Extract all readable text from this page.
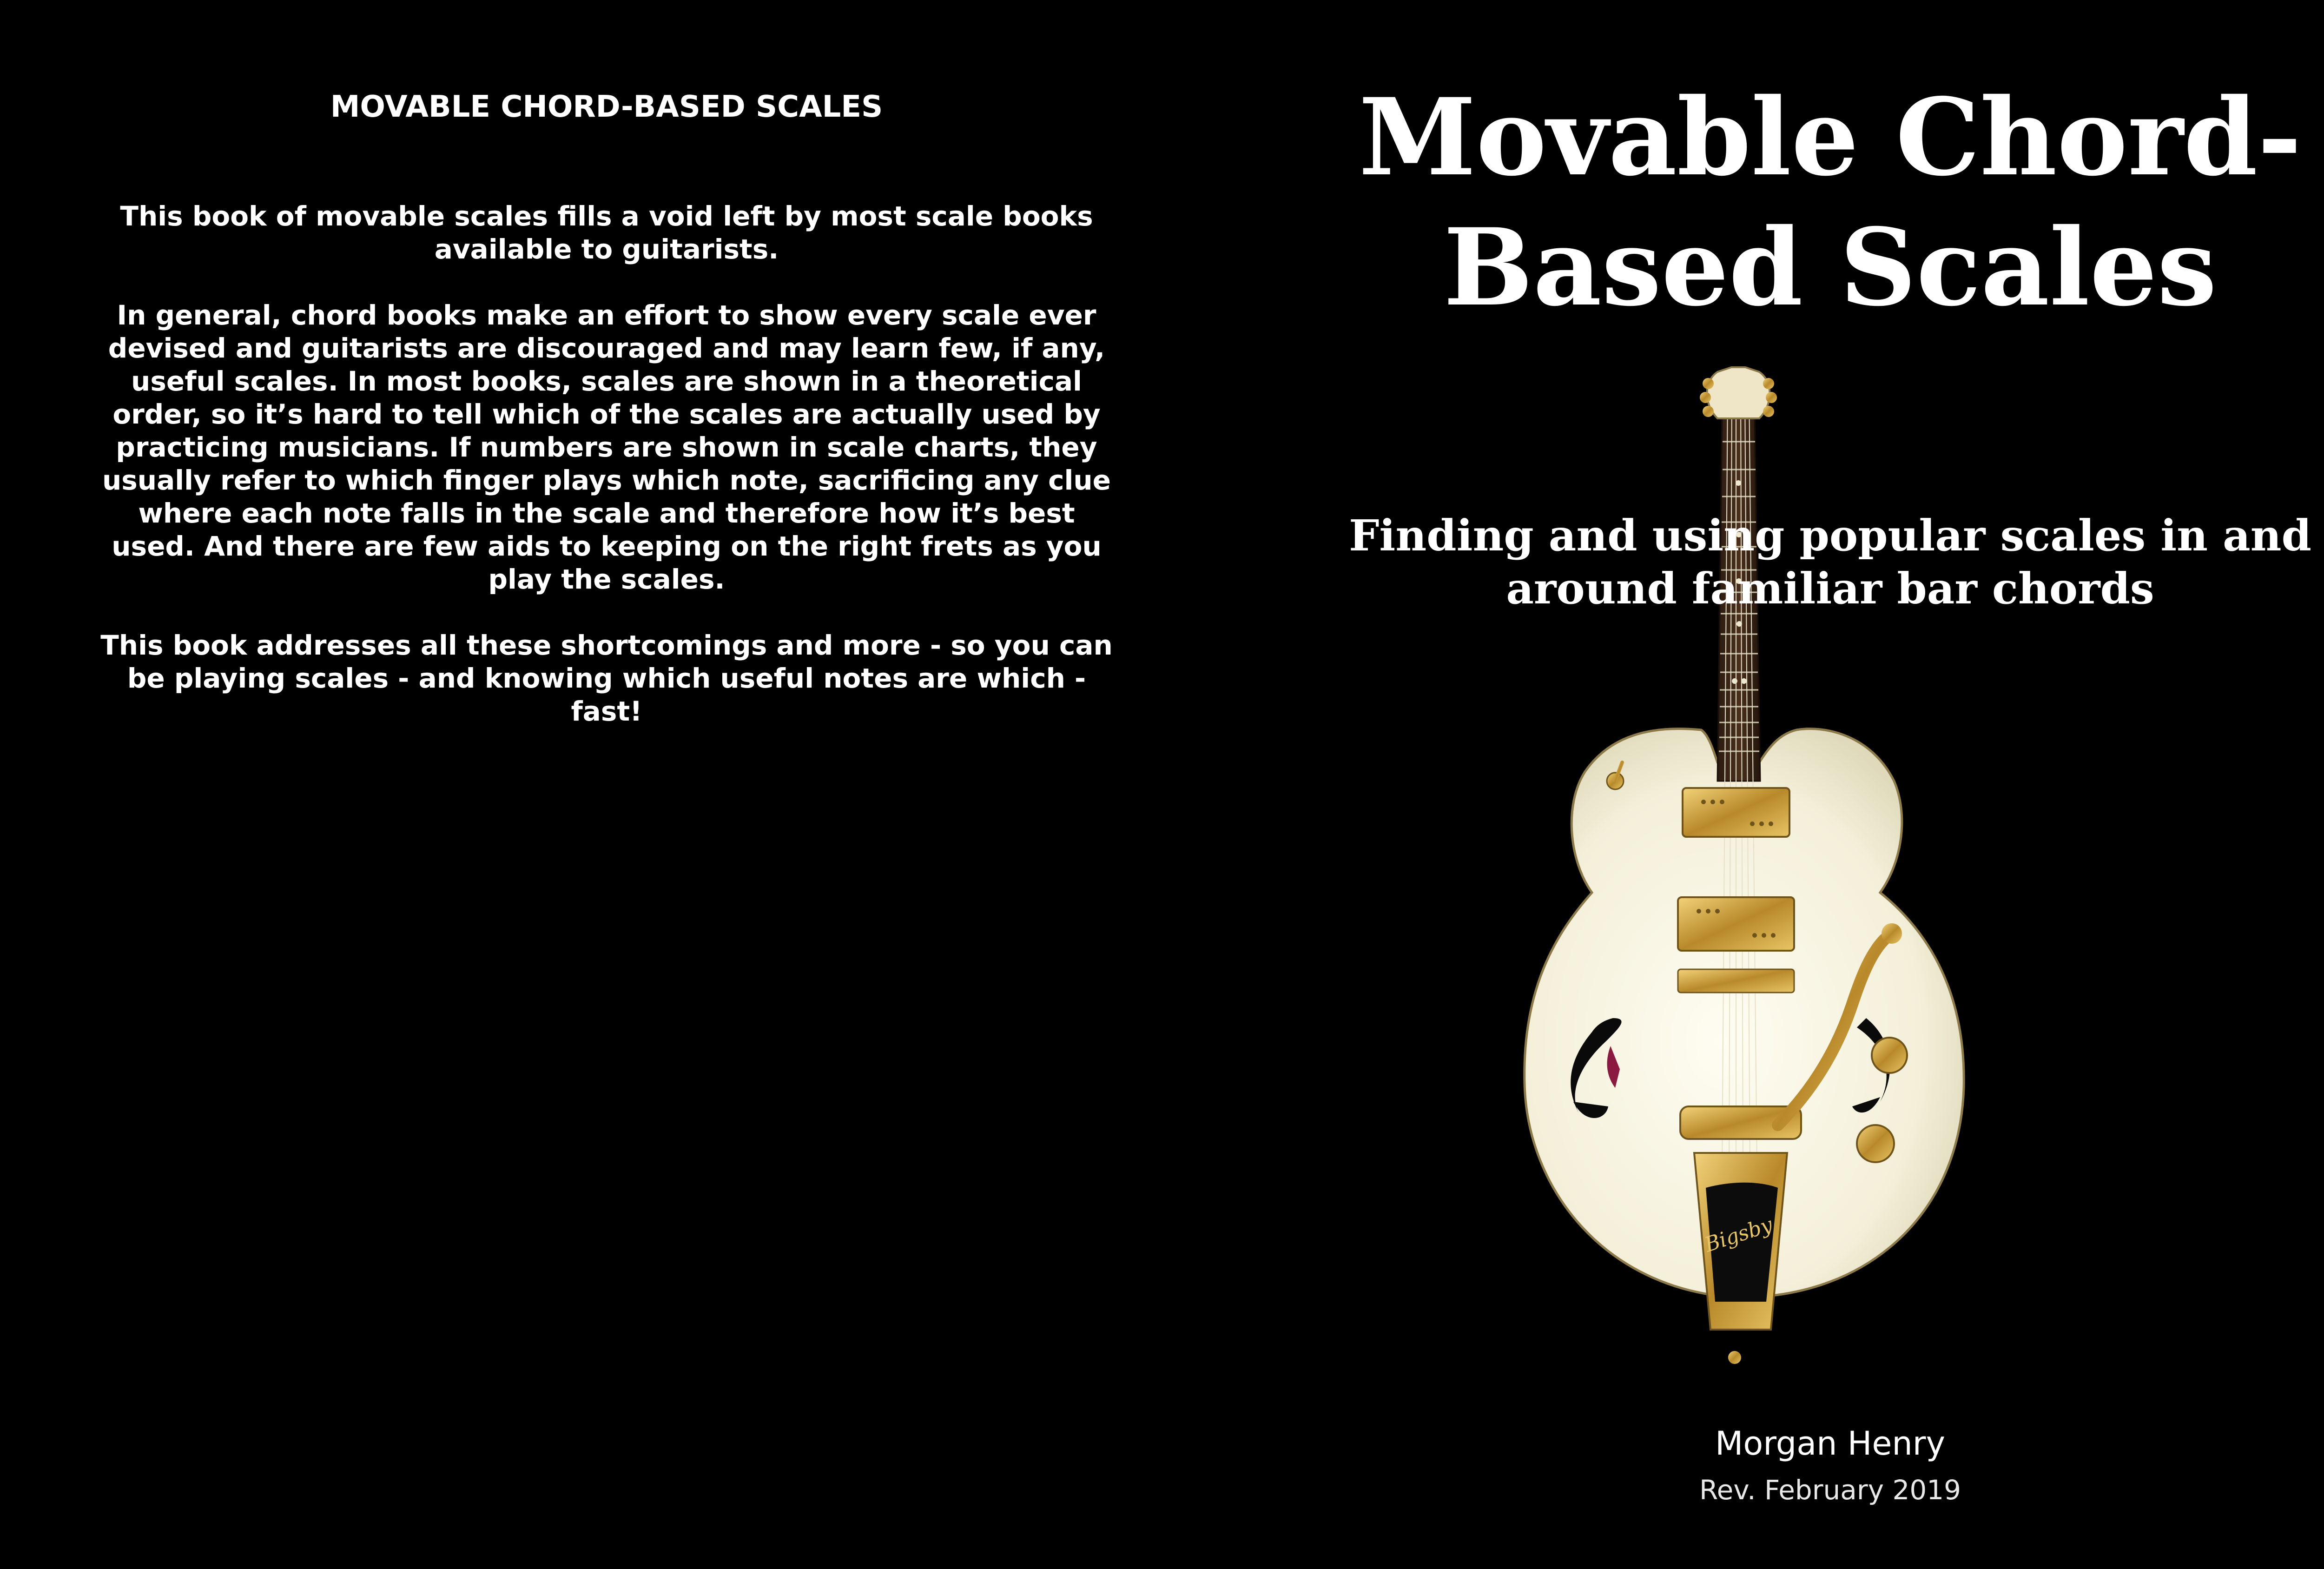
MOVABLE CHORD-BASED SCALES

This book of movable scales fills a void left by most scale books available to guitarists.

In general, chord books make an effort to show every scale ever devised and guitarists are discouraged and may learn few, if any, useful scales. In most books, scales are shown in a theoretical order, so it’s hard to tell which of the scales are actually used by practicing musicians. If numbers are shown in scale charts, they usually refer to which finger plays which note, sacrificing any clue where each note falls in the scale and therefore how it’s best used. And there are few aids to keeping on the right frets as you play the scales.

This book addresses all these shortcomings and more - so you can be playing scales - and knowing which useful notes are which - fast!

Bigsby
Movable Chord-
Based Scales
Finding and using popular scales in and
around familiar bar chords
Morgan Henry
Rev. February 2019
